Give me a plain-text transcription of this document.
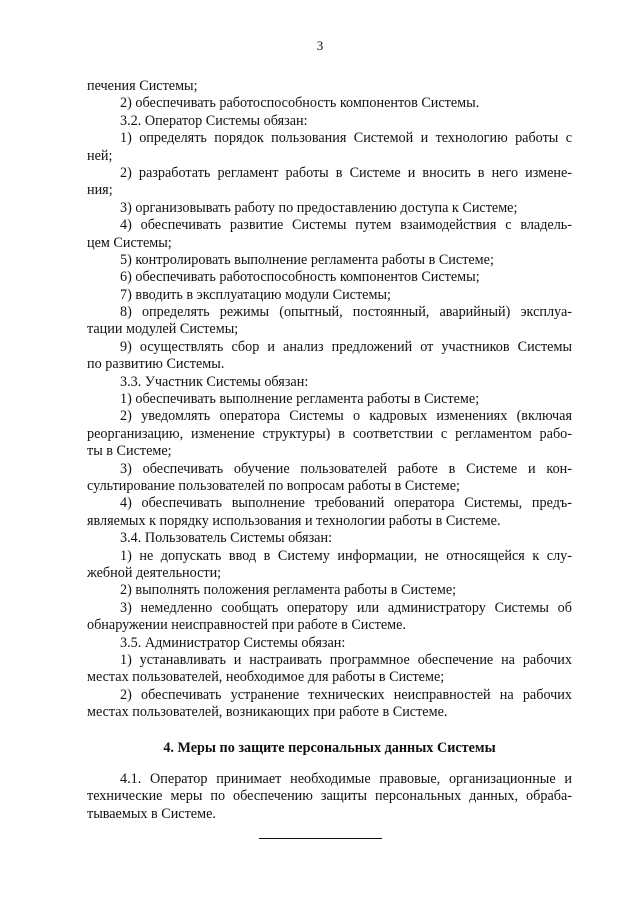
3

печения Системы;

2) обеспечивать работоспособность компонентов Системы.

3.2. Оператор Системы обязан:

1) определять порядок пользования Системой и технологию работы с

ней;

2) разработать регламент работы в Системе и вносить в него измене-

ния;

3) организовывать работу по предоставлению доступа к Системе;

4) обеспечивать развитие Системы путем взаимодействия с владель-

цем Системы;

5) контролировать выполнение регламента работы в Системе;

6) обеспечивать работоспособность компонентов Системы;

7) вводить в эксплуатацию модули Системы;

8) определять режимы (опытный, постоянный, аварийный) эксплуа-

тации модулей Системы;

9) осуществлять сбор и анализ предложений от участников Системы

по развитию Системы.

3.3. Участник Системы обязан:

1) обеспечивать выполнение регламента работы в Системе;

2) уведомлять оператора Системы о кадровых изменениях (включая

реорганизацию, изменение структуры) в соответствии с регламентом рабо-

ты в Системе;

3) обеспечивать обучение пользователей работе в Системе и кон-

сультирование пользователей по вопросам работы в Системе;

4) обеспечивать выполнение требований оператора Системы, предъ-

являемых к порядку использования и технологии работы в Системе.

3.4. Пользователь Системы обязан:

1) не допускать ввод в Систему информации, не относящейся к слу-

жебной деятельности;

2) выполнять положения регламента работы в Системе;

3) немедленно сообщать оператору или администратору Системы об

обнаружении неисправностей при работе в Системе.

3.5. Администратор Системы обязан:

1) устанавливать и настраивать программное обеспечение на рабочих

местах пользователей, необходимое для работы в Системе;

2) обеспечивать устранение технических неисправностей на рабочих

местах пользователей, возникающих при работе в Системе.

4. Меры по защите персональных данных Системы

4.1. Оператор принимает необходимые правовые, организационные и

технические меры по обеспечению защиты персональных данных, обраба-

тываемых в Системе.
